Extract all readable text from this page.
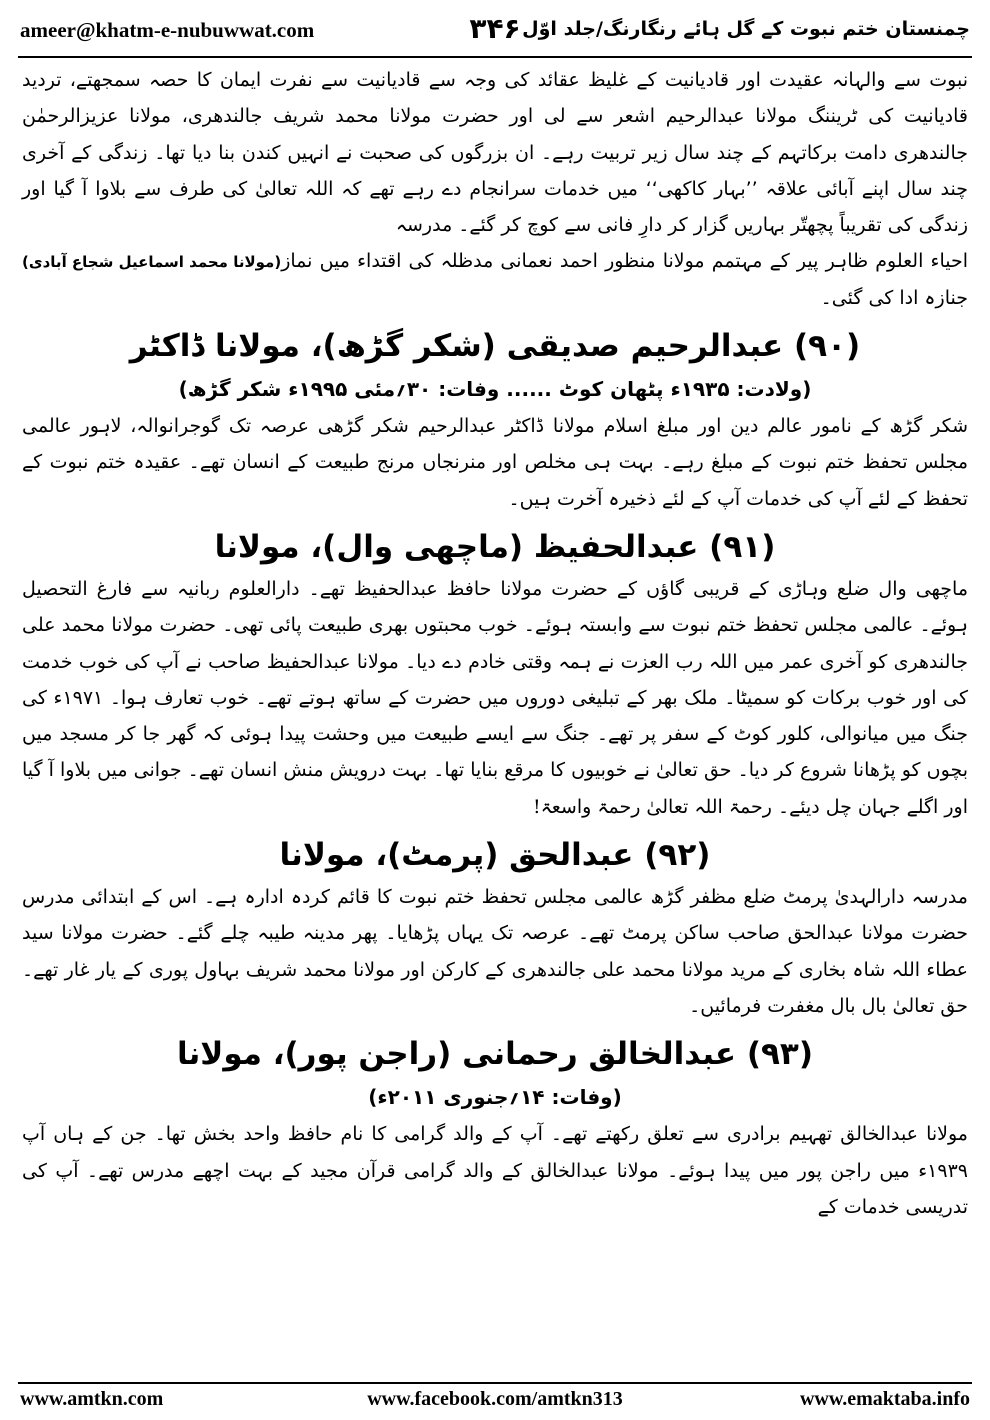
ameer@khatm-e-nubuwwat.com	۳۴۶ چمنستان ختم نبوت کے گل ہائے رنگارنگ/جلد اوّل

نبوت سے والہانہ عقیدت اور قادیانیت کے غلیظ عقائد کی وجہ سے قادیانیت سے نفرت ایمان کا حصہ سمجھتے، تردید قادیانیت کی ٹریننگ مولانا عبدالرحیم اشعر سے لی اور حضرت مولانا محمد شریف جالندھری، مولانا عزیزالرحمٰن جالندھری دامت برکاتہم کے چند سال زیر تربیت رہے۔ ان بزرگوں کی صحبت نے انہیں کندن بنا دیا تھا۔ زندگی کے آخری چند سال اپنے آبائی علاقہ ’’بہار کاکھی‘‘ میں خدمات سرانجام دے رہے تھے کہ اللہ تعالیٰ کی طرف سے بلاوا آ گیا اور زندگی کی تقریباً پچھتّر بہاریں گزار کر دارِ فانی سے کوچ کر گئے۔ مدرسہ

احیاء العلوم ظاہر پیر کے مہتمم مولانا منظور احمد نعمانی مدظلہ کی اقتداء میں نماز جنازہ ادا کی گئی۔
(مولانا محمد اسماعیل شجاع آبادی)
(۹۰) عبدالرحیم صدیقی (شکر گڑھ)، مولانا ڈاکٹر
(ولادت: ۱۹۳۵ء پٹھان کوٹ ...... وفات: ۳۰؍مئی ۱۹۹۵ء شکر گڑھ)

شکر گڑھ کے نامور عالم دین اور مبلغ اسلام مولانا ڈاکٹر عبدالرحیم شکر گڑھی عرصہ تک گوجرانوالہ، لاہور عالمی مجلس تحفظ ختم نبوت کے مبلغ رہے۔ بہت ہی مخلص اور منرنجاں مرنج طبیعت کے انسان تھے۔ عقیدہ ختم نبوت کے تحفظ کے لئے آپ کی خدمات آپ کے لئے ذخیرہ آخرت ہیں۔

(۹۱) عبدالحفیظ (ماچھی وال)، مولانا

ماچھی وال ضلع وہاڑی کے قریبی گاؤں کے حضرت مولانا حافظ عبدالحفیظ تھے۔ دارالعلوم ربانیہ سے فارغ التحصیل ہوئے۔ عالمی مجلس تحفظ ختم نبوت سے وابستہ ہوئے۔ خوب محبتوں بھری طبیعت پائی تھی۔ حضرت مولانا محمد علی جالندھری کو آخری عمر میں اللہ رب العزت نے ہمہ وقتی خادم دے دیا۔ مولانا عبدالحفیظ صاحب نے آپ کی خوب خدمت کی اور خوب برکات کو سمیٹا۔ ملک بھر کے تبلیغی دوروں میں حضرت کے ساتھ ہوتے تھے۔ خوب تعارف ہوا۔ ۱۹۷۱ء کی جنگ میں میانوالی، کلور کوٹ کے سفر پر تھے۔ جنگ سے ایسے طبیعت میں وحشت پیدا ہوئی کہ گھر جا کر مسجد میں بچوں کو پڑھانا شروع کر دیا۔ حق تعالیٰ نے خوبیوں کا مرقع بنایا تھا۔ بہت درویش منش انسان تھے۔ جوانی میں بلاوا آ گیا اور اگلے جہان چل دیئے۔ رحمۃ اللہ تعالیٰ رحمۃ واسعۃ!

(۹۲) عبدالحق (پرمٹ)، مولانا

مدرسہ دارالہدیٰ پرمٹ ضلع مظفر گڑھ عالمی مجلس تحفظ ختم نبوت کا قائم کردہ ادارہ ہے۔ اس کے ابتدائی مدرس حضرت مولانا عبدالحق صاحب ساکن پرمٹ تھے۔ عرصہ تک یہاں پڑھایا۔ پھر مدینہ طیبہ چلے گئے۔ حضرت مولانا سید عطاء اللہ شاہ بخاری کے مرید مولانا محمد علی جالندھری کے کارکن اور مولانا محمد شریف بہاول پوری کے یار غار تھے۔ حق تعالیٰ بال بال مغفرت فرمائیں۔

(۹۳) عبدالخالق رحمانی (راجن پور)، مولانا
(وفات: ۱۴؍جنوری ۲۰۱۱ء)

مولانا عبدالخالق تھہیم برادری سے تعلق رکھتے تھے۔ آپ کے والد گرامی کا نام حافظ واحد بخش تھا۔ جن کے ہاں آپ ۱۹۳۹ء میں راجن پور میں پیدا ہوئے۔ مولانا عبدالخالق کے والد گرامی قرآن مجید کے بہت اچھے مدرس تھے۔ آپ کی تدریسی خدمات کے

www.amtkn.com	www.facebook.com/amtkn313	www.emaktaba.info
